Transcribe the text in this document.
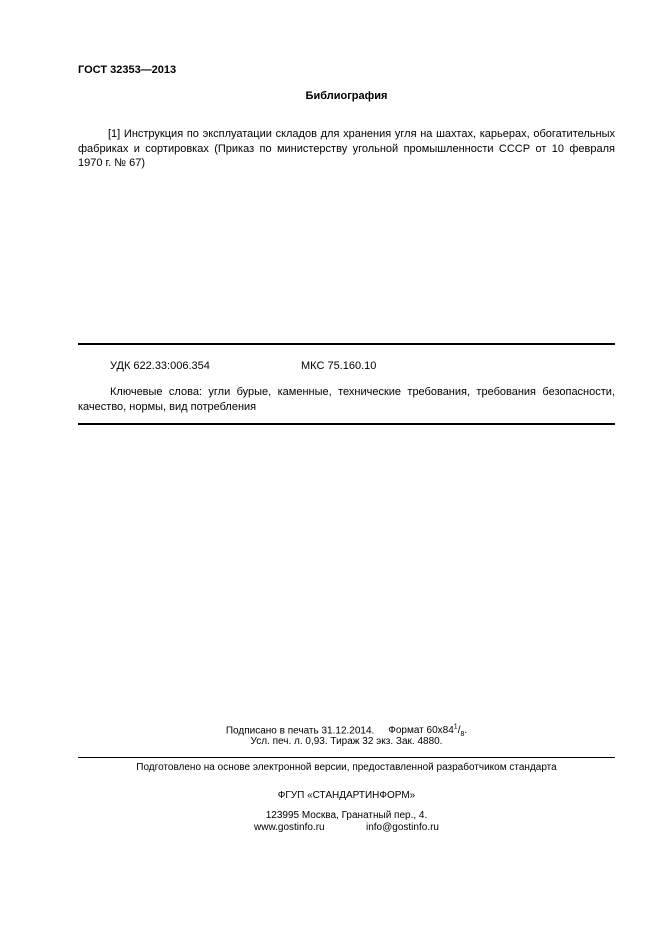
ГОСТ 32353—2013
Библиография
[1] Инструкция по эксплуатации складов для хранения угля на шахтах, карьерах, обогатительных фабриках и сортировках (Приказ по министерству угольной промышленности СССР от 10 февраля 1970 г. № 67)
УДК 622.33:006.354	МКС 75.160.10
Ключевые слова: угли бурые, каменные, технические требования, требования безопасности, качество, нормы, вид потребления
Подписано в печать 31.12.2014. Формат $60x84^1/_8$.
Усл. печ. л. 0,93. Тираж 32 экз. Зак. 4880.
Подготовлено на основе электронной версии, предоставленной разработчиком стандарта
ФГУП «СТАНДАРТИНФОРМ»
123995 Москва, Гранатный пер., 4.
www.gostinfo.ru	info@gostinfo.ru
